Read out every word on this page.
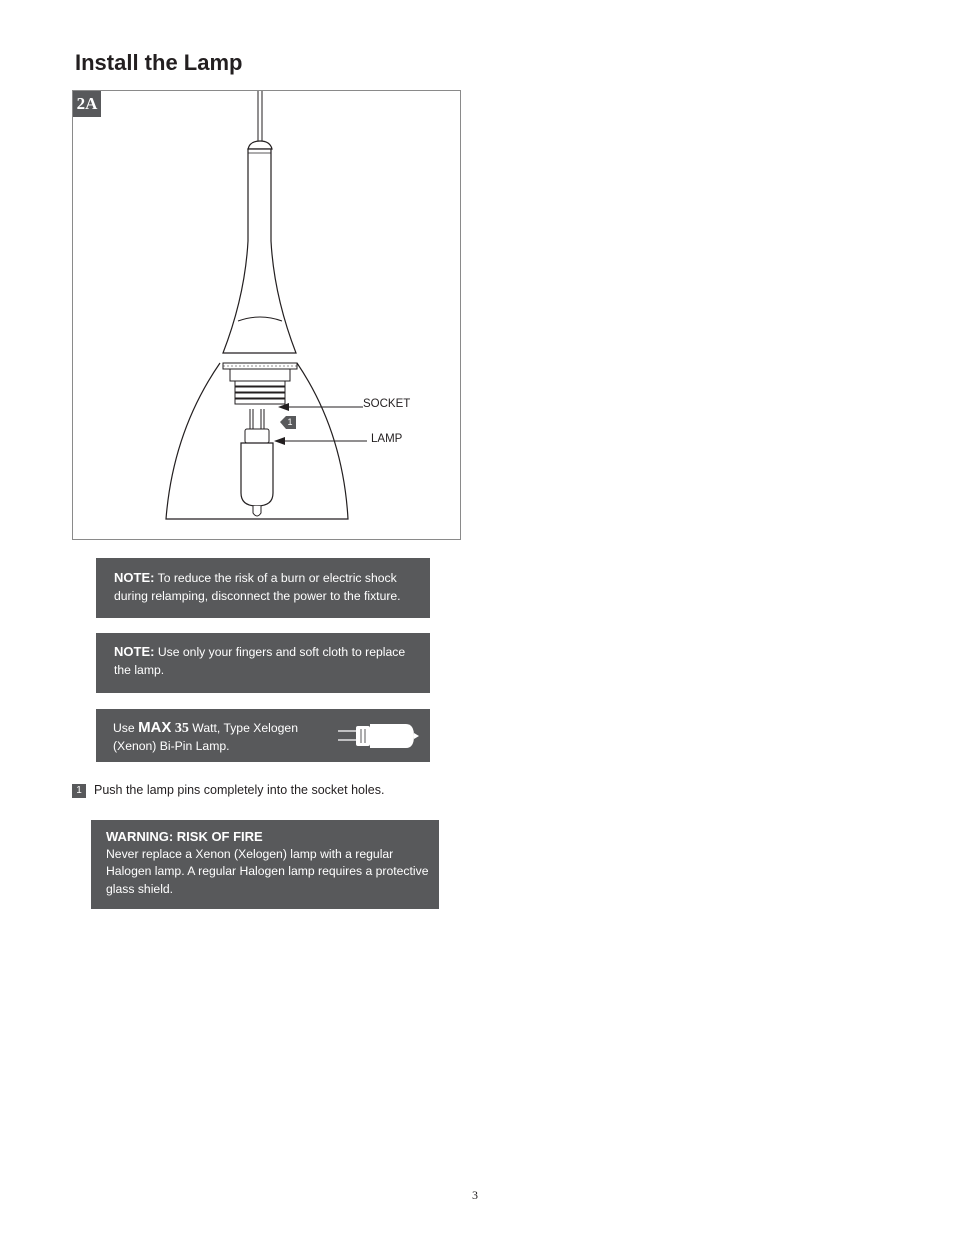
Install the Lamp
2A
SOCKET
LAMP
1
NOTE: To reduce the risk of a burn or electric shock during relamping, disconnect the power to the fixture.
NOTE: Use only your fingers and soft cloth to replace the lamp.
Use MAX 35 Watt, Type Xelogen (Xenon) Bi-Pin Lamp.
1 Push the lamp pins completely into the socket holes.
WARNING: RISK OF FIRE
Never replace a Xenon (Xelogen) lamp with a regular Halogen lamp. A regular Halogen lamp requires a protective glass shield.
3
